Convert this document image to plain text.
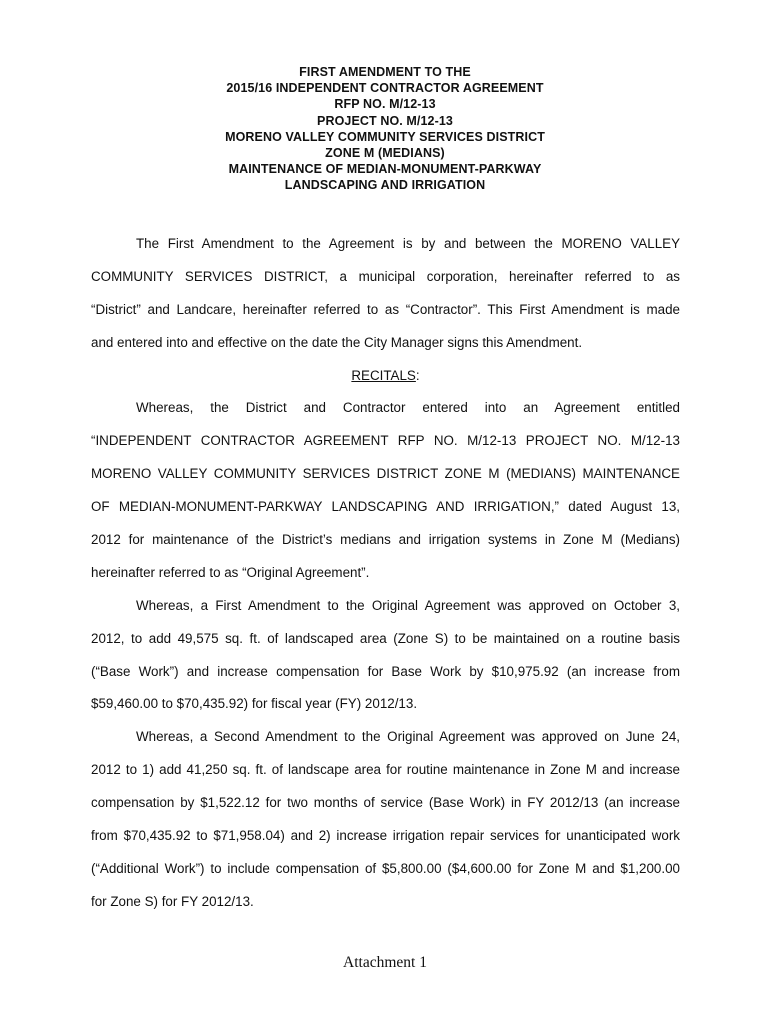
FIRST AMENDMENT TO THE
2015/16 INDEPENDENT CONTRACTOR AGREEMENT
RFP NO. M/12-13
PROJECT NO. M/12-13
MORENO VALLEY COMMUNITY SERVICES DISTRICT
ZONE M (MEDIANS)
MAINTENANCE OF MEDIAN-MONUMENT-PARKWAY
LANDSCAPING AND IRRIGATION
The First Amendment to the Agreement is by and between the MORENO VALLEY
COMMUNITY SERVICES DISTRICT, a municipal corporation, hereinafter referred to as
“District” and Landcare, hereinafter referred to as “Contractor”. This First Amendment is made
and entered into and effective on the date the City Manager signs this Amendment.
RECITALS:
Whereas, the District and Contractor entered into an Agreement entitled
“INDEPENDENT CONTRACTOR AGREEMENT RFP NO. M/12-13 PROJECT NO. M/12-13
MORENO VALLEY COMMUNITY SERVICES DISTRICT ZONE M (MEDIANS) MAINTENANCE
OF MEDIAN-MONUMENT-PARKWAY LANDSCAPING AND IRRIGATION,” dated August 13,
2012 for maintenance of the District’s medians and irrigation systems in Zone M (Medians)
hereinafter referred to as “Original Agreement”.
Whereas, a First Amendment to the Original Agreement was approved on October 3,
2012, to add 49,575 sq. ft. of landscaped area (Zone S) to be maintained on a routine basis
(“Base Work”) and increase compensation for Base Work by $10,975.92 (an increase from
$59,460.00 to $70,435.92) for fiscal year (FY) 2012/13.
Whereas, a Second Amendment to the Original Agreement was approved on June 24,
2012 to 1) add 41,250 sq. ft. of landscape area for routine maintenance in Zone M and increase
compensation by $1,522.12 for two months of service (Base Work) in FY 2012/13 (an increase
from $70,435.92 to $71,958.04) and 2) increase irrigation repair services for unanticipated work
(“Additional Work”) to include compensation of $5,800.00 ($4,600.00 for Zone M and $1,200.00
for Zone S) for FY 2012/13.
Attachment 1
